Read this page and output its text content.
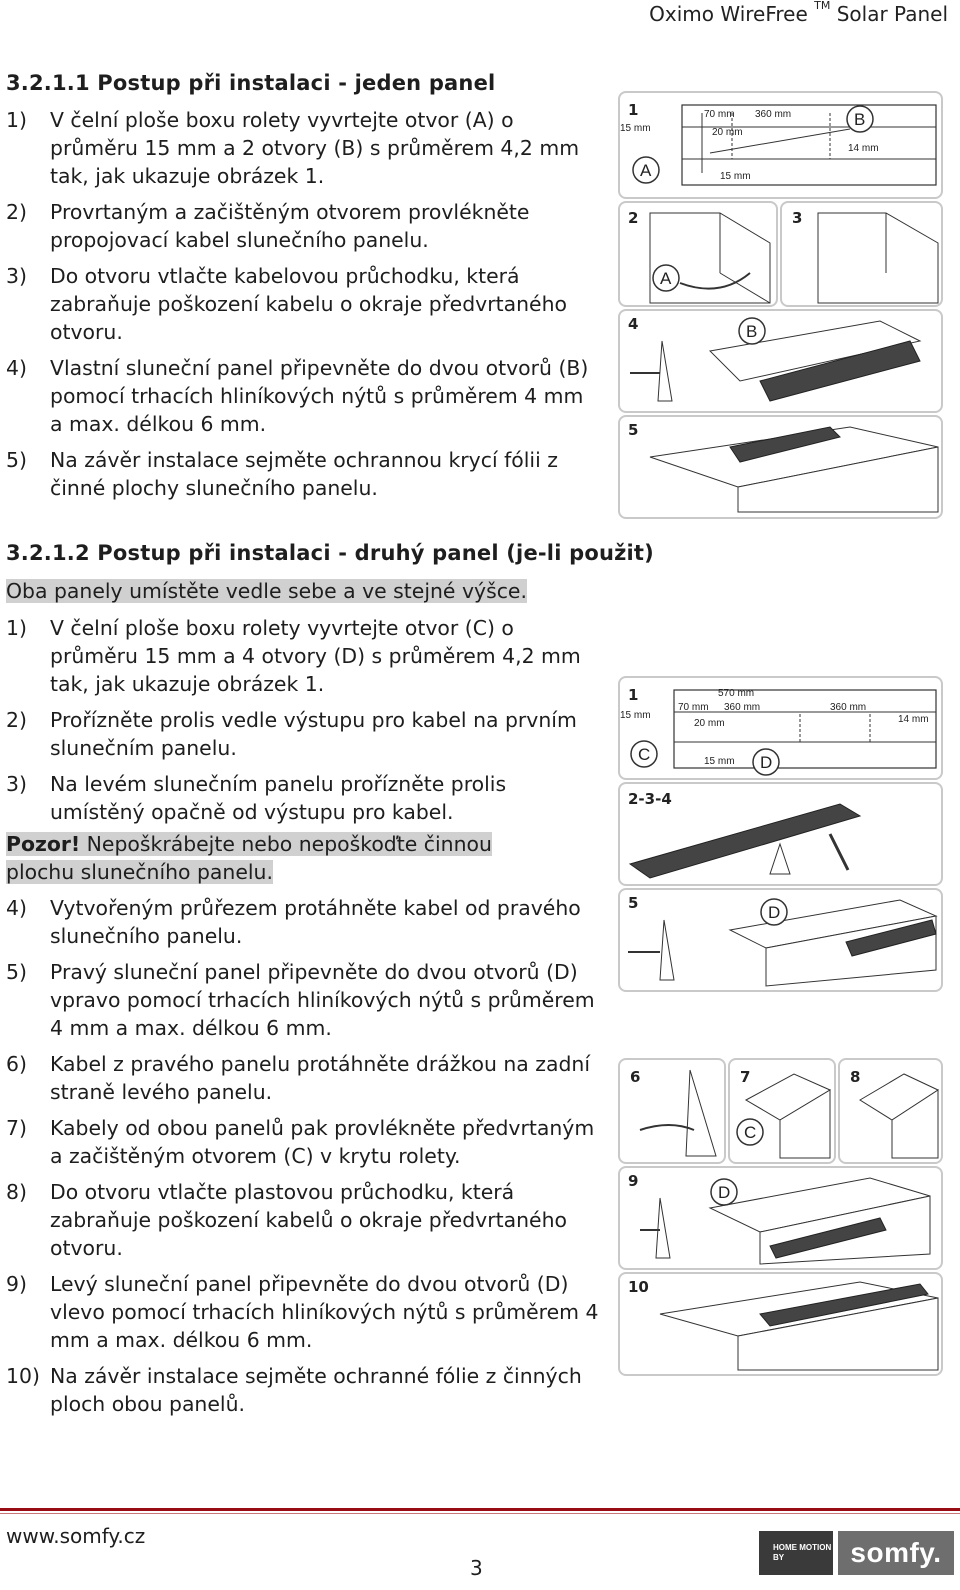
Oximo WireFree ™ Solar Panel
3.2.1.1 Postup při instalaci - jeden panel
1) V čelní ploše boxu rolety vyvrtejte otvor (A) o průměru 15 mm a 2 otvory (B) s průměrem 4,2 mm tak, jak ukazuje obrázek 1.
2) Provrtaným a začištěným otvorem provlékněte propojovací kabel slunečního panelu.
3) Do otvoru vtlačte kabelovou průchodku, která zabraňuje poškození kabelu o okraje předvrtaného otvoru.
4) Vlastní sluneční panel připevněte do dvou otvorů (B) pomocí trhacích hliníkových nýtů s průměrem 4 mm a max. délkou 6 mm.
5) Na závěr instalace sejměte ochrannou krycí fólii z činné plochy slunečního panelu.
1
15 mm
70 mm 360 mm
20 mm
14 mm
15 mm
A
B
2
A
3
4	B
5
3.2.1.2 Postup při instalaci - druhý panel (je-li použit)
Oba panely umístěte vedle sebe a ve stejné výšce.
1) V čelní ploše boxu rolety vyvrtejte otvor (C) o průměru 15 mm a 4 otvory (D) s průměrem 4,2 mm tak, jak ukazuje obrázek 1.
2) Prořízněte prolis vedle výstupu pro kabel na prvním slunečním panelu.
3) Na levém slunečním panelu prořízněte prolis umístěný opačně od výstupu pro kabel.
Pozor! Nepoškrábejte nebo nepoškoďte činnou plochu slunečního panelu.
4) Vytvořeným průřezem protáhněte kabel od pravého slunečního panelu.
5) Pravý sluneční panel připevněte do dvou otvorů (D) vpravo pomocí trhacích hliníkových nýtů s průměrem 4 mm a max. délkou 6 mm.
6) Kabel z pravého panelu protáhněte drážkou na zadní straně levého panelu.
7) Kabely od obou panelů pak provlékněte předvrtaným a začištěným otvorem (C) v krytu rolety.
8) Do otvoru vtlačte plastovou průchodku, která zabraňuje poškození kabelů o okraje předvrtaného otvoru.
9) Levý sluneční panel připevněte do dvou otvorů (D) vlevo pomocí trhacích hliníkových nýtů s průměrem 4 mm a max. délkou 6 mm.
10) Na závěr instalace sejměte ochranné fólie z činných ploch obou panelů.
1
15 mm
570 mm
70 mm 360 mm	360 mm
20 mm	14 mm
15 mm
C	D
2-3-4
5	D
6	7
C
8
9
D
10
www.somfy.cz
3
HOME MOTION BY	somfy.
